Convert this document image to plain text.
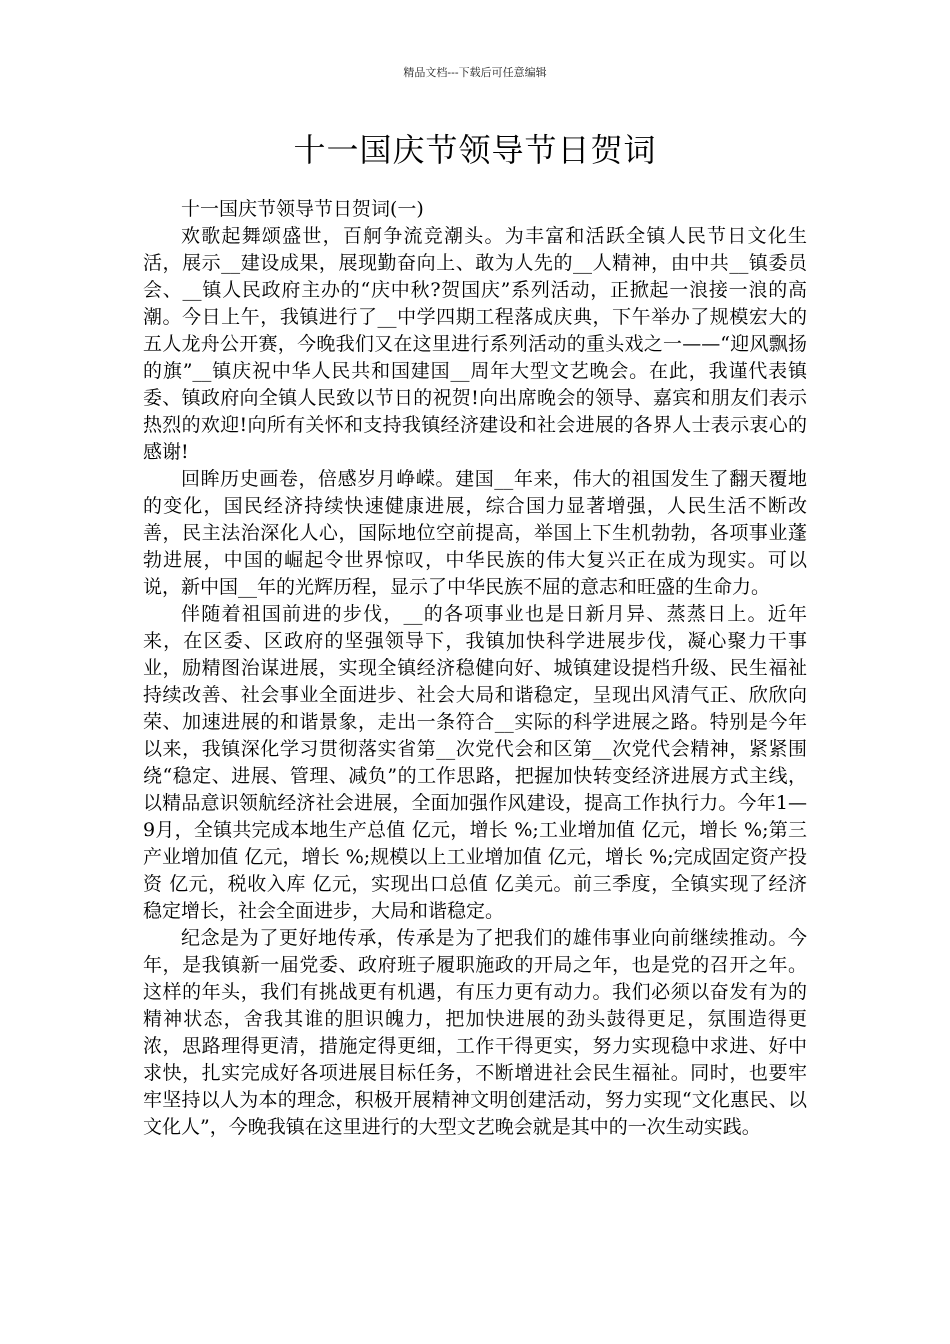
精品文档---下载后可任意编辑
十一国庆节领导节日贺词

十一国庆节领导节日贺词(一)

欢歌起舞颂盛世，百舸争流竞潮头。为丰富和活跃全镇人民节日文化生活，展示__建设成果，展现勤奋向上、敢为人先的__人精神，由中共__镇委员会、__镇人民政府主办的“庆中秋?贺国庆”系列活动，正掀起一浪接一浪的高潮。今日上午，我镇进行了__中学四期工程落成庆典，下午举办了规模宏大的五人龙舟公开赛，今晚我们又在这里进行系列活动的重头戏之一——“迎风飘扬的旗”__镇庆祝中华人民共和国建国__周年大型文艺晚会。在此，我谨代表镇委、镇政府向全镇人民致以节日的祝贺!向出席晚会的领导、嘉宾和朋友们表示热烈的欢迎!向所有关怀和支持我镇经济建设和社会进展的各界人士表示衷心的感谢!

回眸历史画卷，倍感岁月峥嵘。建国__年来，伟大的祖国发生了翻天覆地的变化，国民经济持续快速健康进展，综合国力显著增强，人民生活不断改善，民主法治深化人心，国际地位空前提高，举国上下生机勃勃，各项事业蓬勃进展，中国的崛起令世界惊叹，中华民族的伟大复兴正在成为现实。可以说，新中国__年的光辉历程，显示了中华民族不屈的意志和旺盛的生命力。

伴随着祖国前进的步伐，__的各项事业也是日新月异、蒸蒸日上。近年来，在区委、区政府的坚强领导下，我镇加快科学进展步伐，凝心聚力干事业，励精图治谋进展，实现全镇经济稳健向好、城镇建设提档升级、民生福祉持续改善、社会事业全面进步、社会大局和谐稳定，呈现出风清气正、欣欣向荣、加速进展的和谐景象，走出一条符合__实际的科学进展之路。特别是今年以来，我镇深化学习贯彻落实省第__次党代会和区第__次党代会精神，紧紧围绕“稳定、进展、管理、减负”的工作思路，把握加快转变经济进展方式主线，以精品意识领航经济社会进展，全面加强作风建设，提高工作执行力。今年1—9月，全镇共完成本地生产总值 亿元，增长 %;工业增加值 亿元，增长 %;第三产业增加值 亿元，增长 %;规模以上工业增加值 亿元，增长 %;完成固定资产投资 亿元，税收入库 亿元，实现出口总值 亿美元。前三季度，全镇实现了经济稳定增长，社会全面进步，大局和谐稳定。

纪念是为了更好地传承，传承是为了把我们的雄伟事业向前继续推动。今年，是我镇新一届党委、政府班子履职施政的开局之年，也是党的召开之年。这样的年头，我们有挑战更有机遇，有压力更有动力。我们必须以奋发有为的精神状态，舍我其谁的胆识魄力，把加快进展的劲头鼓得更足，氛围造得更浓，思路理得更清，措施定得更细，工作干得更实，努力实现稳中求进、好中求快，扎实完成好各项进展目标任务，不断增进社会民生福祉。同时，也要牢牢坚持以人为本的理念，积极开展精神文明创建活动，努力实现“文化惠民、以文化人”，今晚我镇在这里进行的大型文艺晚会就是其中的一次生动实践。
